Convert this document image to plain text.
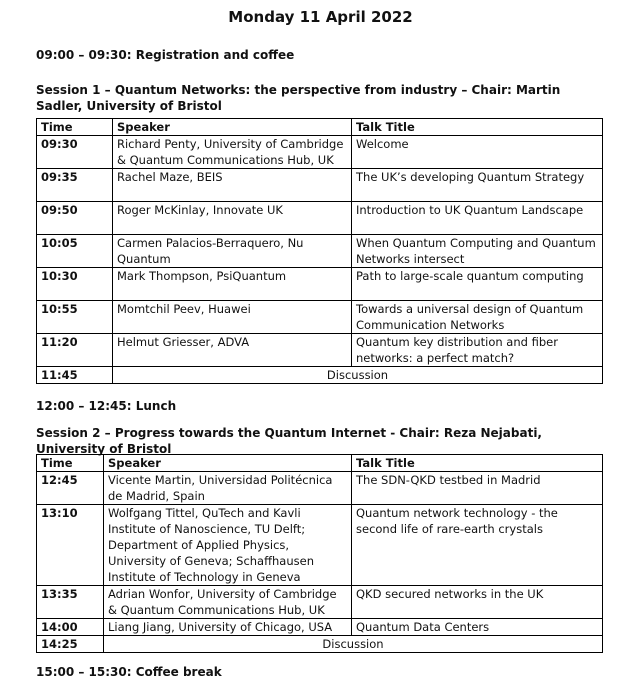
Monday 11 April 2022
09:00 – 09:30: Registration and coffee
Session 1 – Quantum Networks: the perspective from industry – Chair: Martin Sadler, University of Bristol
Time	Speaker	Talk Title
09:30	Richard Penty, University of Cambridge & Quantum Communications Hub, UK	Welcome
09:35	Rachel Maze, BEIS	The UK’s developing Quantum Strategy
09:50	Roger McKinlay, Innovate UK	Introduction to UK Quantum Landscape
10:05	Carmen Palacios-Berraquero, Nu Quantum	When Quantum Computing and Quantum Networks intersect
10:30	Mark Thompson, PsiQuantum	Path to large-scale quantum computing
10:55	Momtchil Peev, Huawei	Towards a universal design of Quantum Communication Networks
11:20	Helmut Griesser, ADVA	Quantum key distribution and fiber networks: a perfect match?
11:45	Discussion	
12:00 – 12:45: Lunch
Session 2 – Progress towards the Quantum Internet - Chair: Reza Nejabati, University of Bristol
Time	Speaker	Talk Title
12:45	Vicente Martin, Universidad Politécnica de Madrid, Spain	The SDN-QKD testbed in Madrid
13:10	Wolfgang Tittel, QuTech and Kavli Institute of Nanoscience, TU Delft; Department of Applied Physics, University of Geneva; Schaffhausen Institute of Technology in Geneva	Quantum network technology - the second life of rare-earth crystals
13:35	Adrian Wonfor, University of Cambridge & Quantum Communications Hub, UK	QKD secured networks in the UK
14:00	Liang Jiang, University of Chicago, USA	Quantum Data Centers
14:25	Discussion	
15:00 – 15:30: Coffee break
